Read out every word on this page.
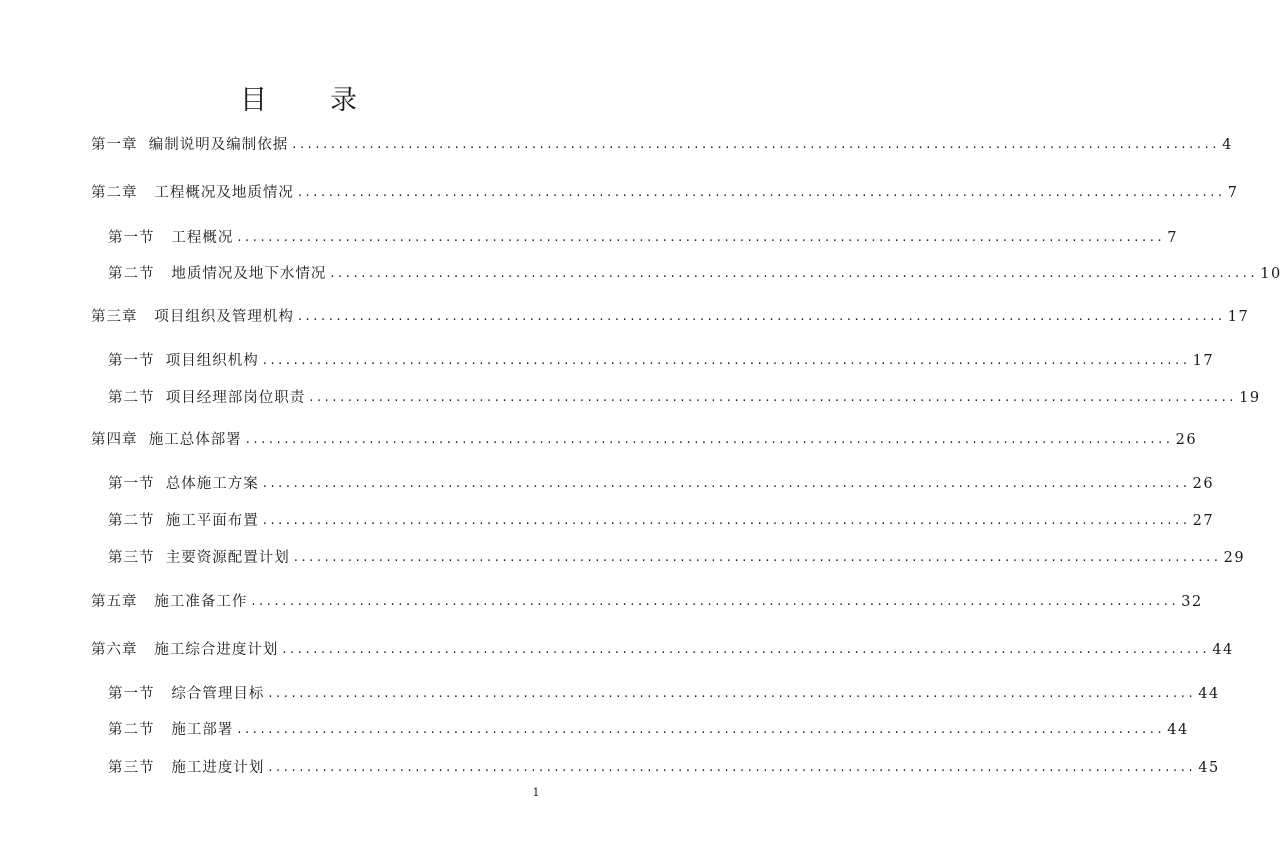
目　　录
第一章  编制说明及编制依据 ........................................................................................................................ 4
第二章   工程概况及地质情况 ........................................................................................................................ 7
第一节   工程概况 ........................................................................................................................ 7
第二节   地质情况及地下水情况 ........................................................................................................................ 10
第三章   项目组织及管理机构 ........................................................................................................................ 17
第一节  项目组织机构 ........................................................................................................................ 17
第二节  项目经理部岗位职责 ........................................................................................................................ 19
第四章  施工总体部署 ........................................................................................................................ 26
第一节  总体施工方案 ........................................................................................................................ 26
第二节  施工平面布置 ........................................................................................................................ 27
第三节  主要资源配置计划 ........................................................................................................................ 29
第五章   施工准备工作 ........................................................................................................................ 32
第六章   施工综合进度计划 ........................................................................................................................ 44
第一节   综合管理目标 ........................................................................................................................ 44
第二节   施工部署 ........................................................................................................................ 44
第三节   施工进度计划 ........................................................................................................................ 45
1
